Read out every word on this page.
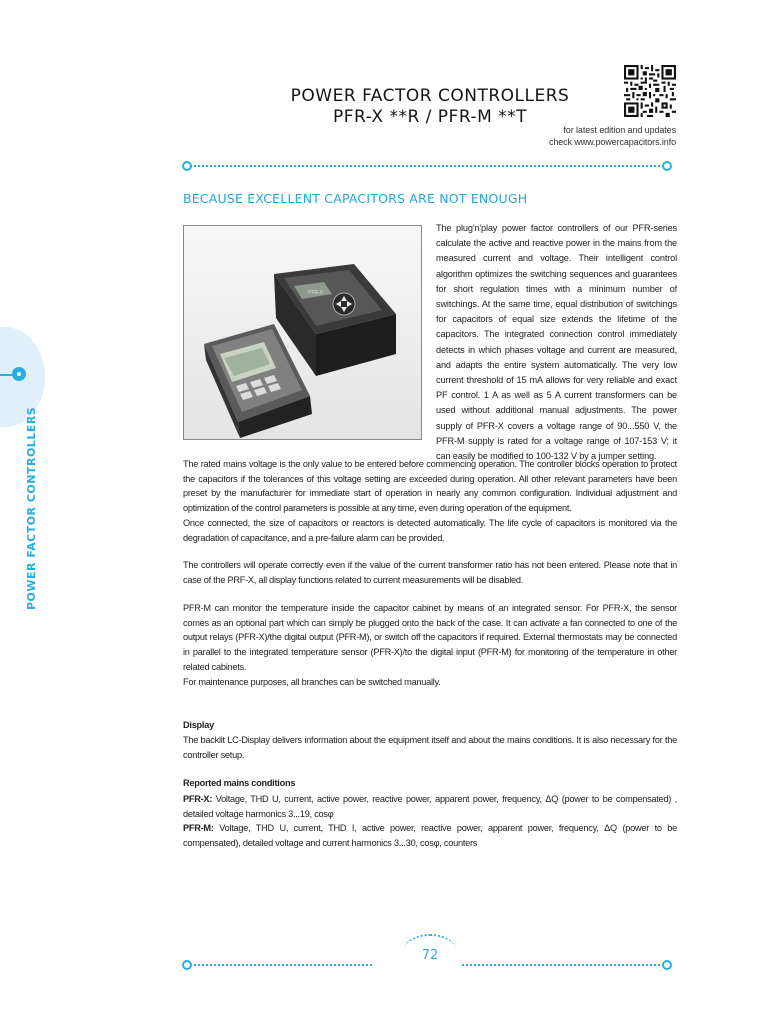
POWER FACTOR CONTROLLERS
PFR-X **R / PFR-M **T
for latest edition and updates
check www.powercapacitors.info
BECAUSE EXCELLENT CAPACITORS ARE NOT ENOUGH
PFR-X

The plug'n'play power factor controllers of our PFR-series calculate the active and reactive power in the mains from the measured current and voltage. Their intelligent control algorithm optimizes the switching sequences and guarantees for short regulation times with a minimum number of switchings. At the same time, equal distribution of switchings for capacitors of equal size extends the lifetime of the capacitors. The integrated connection control immediately detects in which phases voltage and current are measured, and adapts the entire system automatically. The very low current threshold of 15 mA allows for very reliable and exact PF control. 1 A as well as 5 A current transformers can be used without additional manual adjustments. The power supply of PFR-X covers a voltage range of 90...550 V, the PFR-M supply is rated for a voltage range of 107-153 V; it can easily be modified to 100-132 V by a jumper setting.

The rated mains voltage is the only value to be entered before commencing operation. The controller blocks operation to protect the capacitors if the tolerances of this voltage setting are exceeded during operation. All other relevant parameters have been preset by the manufacturer for immediate start of operation in nearly any common configuration. Individual adjustment and optimization of the control parameters is possible at any time, even during operation of the equipment.

Once connected, the size of capacitors or reactors is detected automatically. The life cycle of capacitors is monitored via the degradation of capacitance, and a pre-failure alarm can be provided.

The controllers will operate correctly even if the value of the current transformer ratio has not been entered. Please note that in case of the PRF-X, all display functions related to current measurements will be disabled.

PFR-M can monitor the temperature inside the capacitor cabinet by means of an integrated sensor. For PFR-X, the sensor comes as an optional part which can simply be plugged onto the back of the case. It can activate a fan connected to one of the output relays (PFR-X)/the digital output (PFR-M), or switch off the capacitors if required. External thermostats may be connected in parallel to the integrated temperature sensor (PFR-X)/to the digital input (PFR-M) for monitoring of the temperature in other related cabinets.

For maintenance purposes, all branches can be switched manually.

Display

The backlit LC-Display delivers information about the equipment itself and about the mains conditions. It is also necessary for the controller setup.

Reported mains conditions

PFR-X: Voltage, THD U, current, active power, reactive power, apparent power, frequency, ΔQ (power to be compensated) , detailed voltage harmonics 3...19, cosφ

PFR-M: Voltage, THD U, current, THD I, active power, reactive power, apparent power, frequency, ΔQ (power to be compensated), detailed voltage and current harmonics 3...30, cosφ, counters

POWER FACTOR CONTROLLERS
72
